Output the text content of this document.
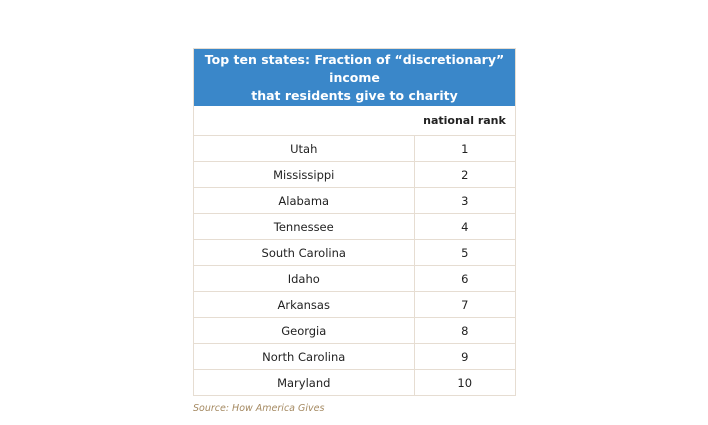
Top ten states: Fraction of “discretionary” income
that residents give to charity
	national rank
Utah	1
Mississippi	2
Alabama	3
Tennessee	4
South Carolina	5
Idaho	6
Arkansas	7
Georgia	8
North Carolina	9
Maryland	10
Source: How America Gives
